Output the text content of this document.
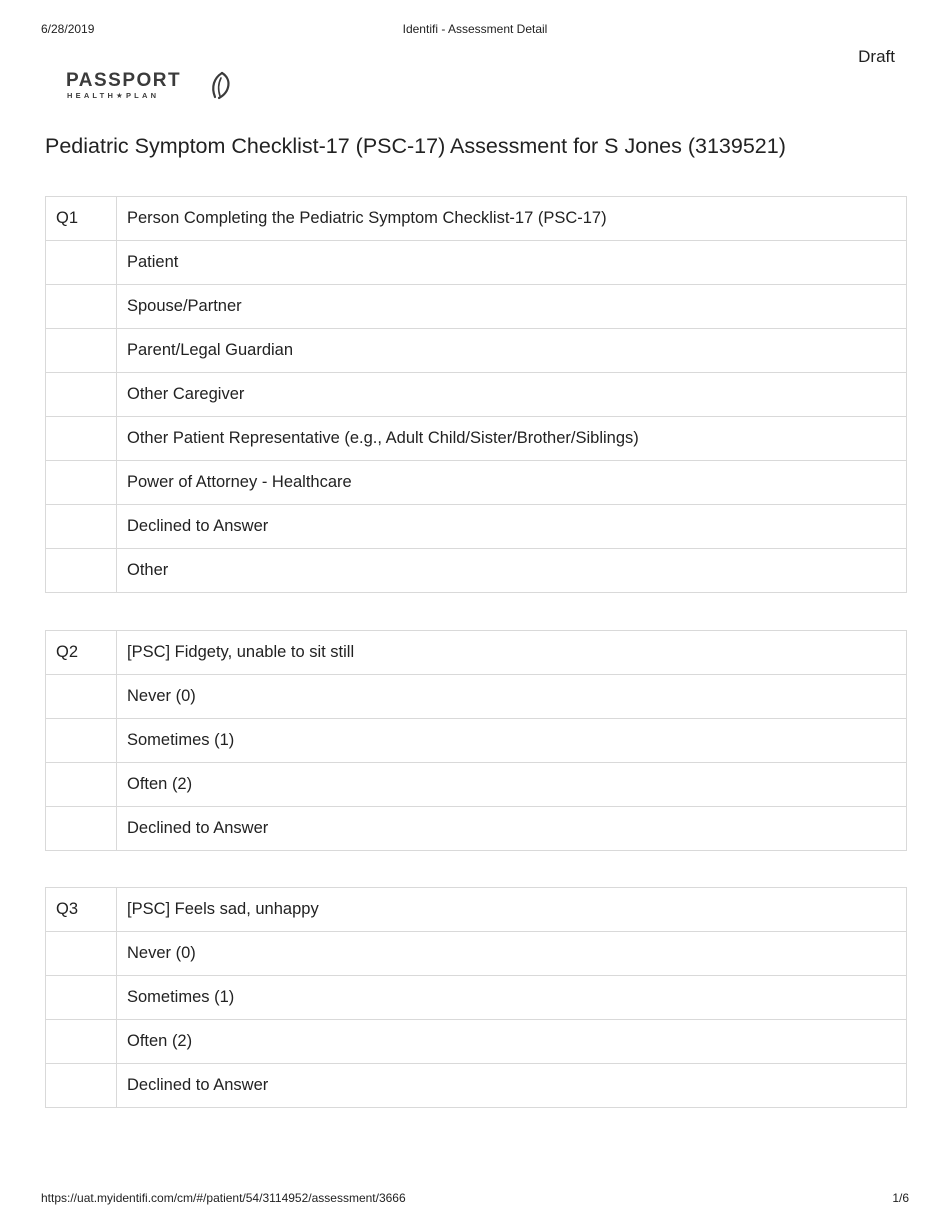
6/28/2019	Identifi - Assessment Detail
Draft
PASSPORT
HEALTH★PLAN
Pediatric Symptom Checklist-17 (PSC-17) Assessment for S Jones (3139521)
Q1	Person Completing the Pediatric Symptom Checklist-17 (PSC-17)
	Patient
	Spouse/Partner
	Parent/Legal Guardian
	Other Caregiver
	Other Patient Representative (e.g., Adult Child/Sister/Brother/Siblings)
	Power of Attorney - Healthcare
	Declined to Answer
	Other
Q2	[PSC] Fidgety, unable to sit still
	Never (0)
	Sometimes (1)
	Often (2)
	Declined to Answer
Q3	[PSC] Feels sad, unhappy
	Never (0)
	Sometimes (1)
	Often (2)
	Declined to Answer
https://uat.myidentifi.com/cm/#/patient/54/3114952/assessment/3666	1/6
